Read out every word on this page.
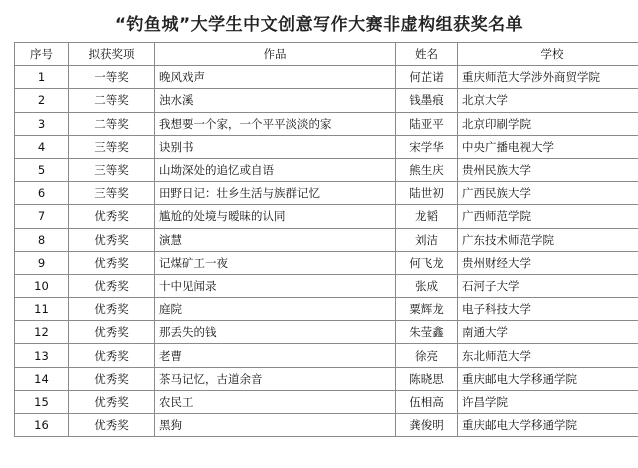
“钓鱼城”大学生中文创意写作大赛非虚构组获奖名单
序号	拟获奖项	作品	姓名	学校
1	一等奖	晚风戏声	何芷诺	重庆师范大学涉外商贸学院
2	二等奖	浊水溪	钱墨痕	北京大学
3	二等奖	我想要一个家，一个平平淡淡的家	陆亚平	北京印刷学院
4	三等奖	诀别书	宋学华	中央广播电视大学
5	三等奖	山坳深处的追忆或自语	熊生庆	贵州民族大学
6	三等奖	田野日记：壮乡生活与族群记忆	陆世初	广西民族大学
7	优秀奖	尴尬的处境与暧昧的认同	龙韬	广西师范学院
8	优秀奖	演慧	刘洁	广东技术师范学院
9	优秀奖	记煤矿工一夜	何飞龙	贵州财经大学
10	优秀奖	十中见闻录	张成	石河子大学
11	优秀奖	庭院	粟辉龙	电子科技大学
12	优秀奖	那丢失的钱	朱莹鑫	南通大学
13	优秀奖	老曹	徐亮	东北师范大学
14	优秀奖	茶马记忆，古道余音	陈晓思	重庆邮电大学移通学院
15	优秀奖	农民工	伍相高	许昌学院
16	优秀奖	黑狗	龚俊明	重庆邮电大学移通学院
